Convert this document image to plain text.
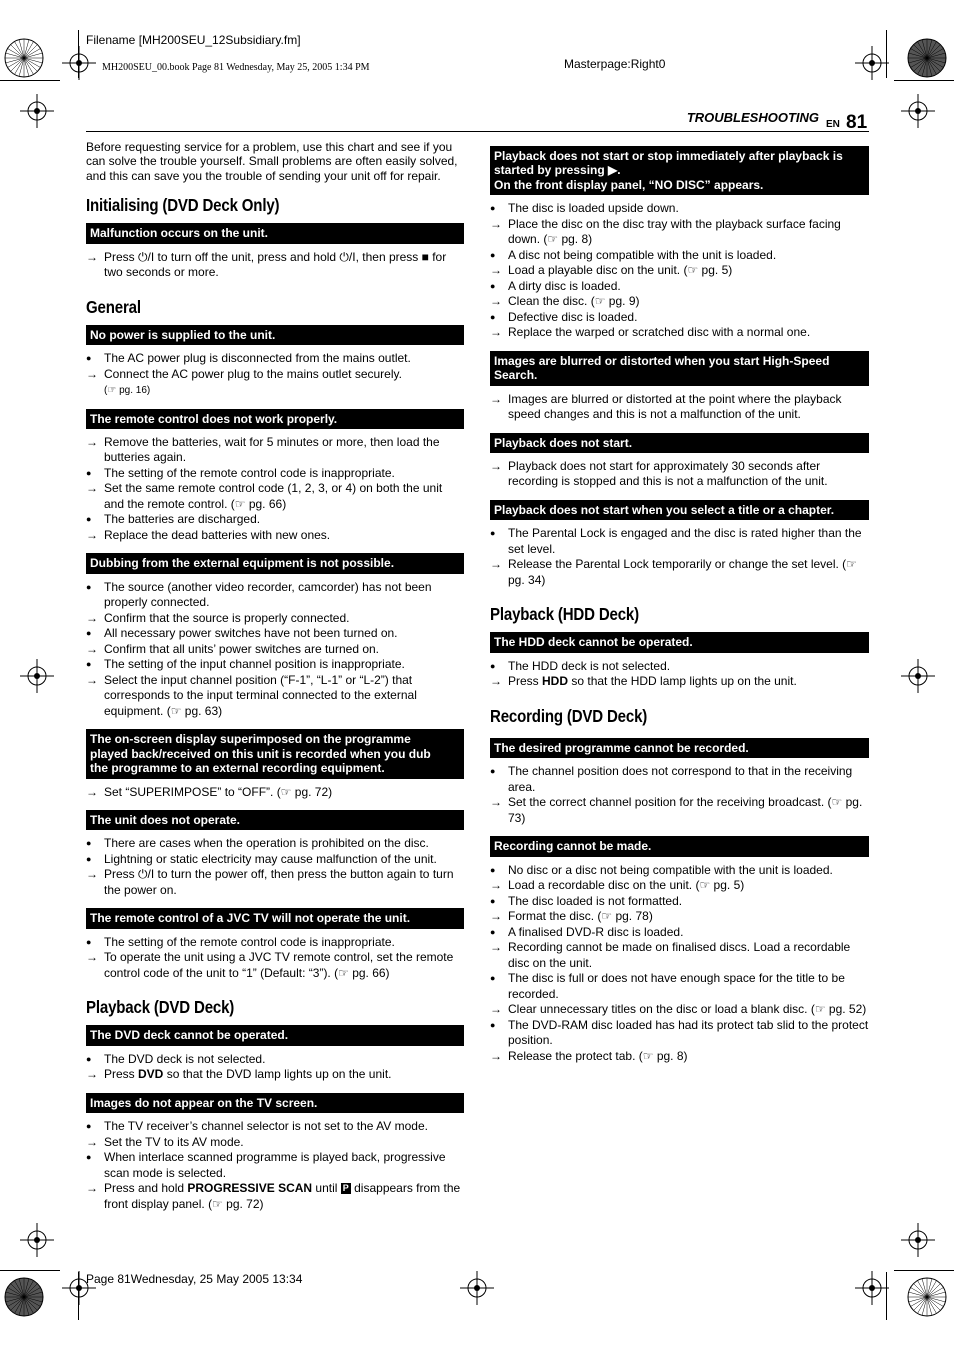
Filename [MH200SEU_12Subsidiary.fm]
MH200SEU_00.book Page 81 Wednesday, May 25, 2005 1:34 PM	Masterpage:Right0
TROUBLESHOOTING EN 81

Before requesting service for a problem, use this chart and see if you can solve the trouble yourself. Small problems are often easily solved, and this can save you the trouble of sending your unit off for repair.

Initialising (DVD Deck Only)
Malfunction occurs on the unit.
→ Press ⏻/I to turn off the unit, press and hold ⏻/I, then press ■ for two seconds or more.
General
No power is supplied to the unit.
●	The AC power plug is disconnected from the mains outlet.
→ Connect the AC power plug to the mains outlet securely.
(☞ pg. 16)
The remote control does not work properly.
→ Remove the batteries, wait for 5 minutes or more, then load the butteries again.
●	The setting of the remote control code is inappropriate.
→ Set the same remote control code (1, 2, 3, or 4) on both the unit and the remote control. (☞ pg. 66)
●	The batteries are discharged.
→ Replace the dead batteries with new ones.
Dubbing from the external equipment is not possible.
●	The source (another video recorder, camcorder) has not been properly connected.
→ Confirm that the source is properly connected.
●	All necessary power switches have not been turned on.
→ Confirm that all units’ power switches are turned on.
●	The setting of the input channel position is inappropriate.
→ Select the input channel position (“F-1”, “L-1” or “L-2”) that corresponds to the input terminal connected to the external equipment. (☞ pg. 63)
The on-screen display superimposed on the programme
played back/received on this unit is recorded when you dub
the programme to an external recording equipment.
→ Set “SUPERIMPOSE” to “OFF”. (☞ pg. 72)
The unit does not operate.
●	There are cases when the operation is prohibited on the disc.
●	Lightning or static electricity may cause malfunction of the unit.
→ Press ⏻/I to turn the power off, then press the button again to turn the power on.
The remote control of a JVC TV will not operate the unit.
●	The setting of the remote control code is inappropriate.
→ To operate the unit using a JVC TV remote control, set the remote control code of the unit to “1” (Default: “3”). (☞ pg. 66)
Playback (DVD Deck)
The DVD deck cannot be operated.
●	The DVD deck is not selected.
→ Press DVD so that the DVD lamp lights up on the unit.
Images do not appear on the TV screen.
●	The TV receiver’s channel selector is not set to the AV mode.
→ Set the TV to its AV mode.
●	When interlace scanned programme is played back, progressive scan mode is selected.
→ Press and hold PROGRESSIVE SCAN until P disappears from the front display panel. (☞ pg. 72)
Playback does not start or stop immediately after playback is
started by pressing ▶.
On the front display panel, “NO DISC” appears.
●	The disc is loaded upside down.
→ Place the disc on the disc tray with the playback surface facing down. (☞ pg. 8)
●	A disc not being compatible with the unit is loaded.
→ Load a playable disc on the unit. (☞ pg. 5)
●	A dirty disc is loaded.
→ Clean the disc. (☞ pg. 9)
●	Defective disc is loaded.
→ Replace the warped or scratched disc with a normal one.
Images are blurred or distorted when you start High-Speed
Search.
→ Images are blurred or distorted at the point where the playback speed changes and this is not a malfunction of the unit.
Playback does not start.
→ Playback does not start for approximately 30 seconds after recording is stopped and this is not a malfunction of the unit.
Playback does not start when you select a title or a chapter.
●	The Parental Lock is engaged and the disc is rated higher than the set level.
→ Release the Parental Lock temporarily or change the set level. (☞ pg. 34)
Playback (HDD Deck)
The HDD deck cannot be operated.
●	The HDD deck is not selected.
→ Press HDD so that the HDD lamp lights up on the unit.
Recording (DVD Deck)
The desired programme cannot be recorded.
●	The channel position does not correspond to that in the receiving area.
→ Set the correct channel position for the receiving broadcast. (☞ pg. 73)
Recording cannot be made.
●	No disc or a disc not being compatible with the unit is loaded.
→ Load a recordable disc on the unit. (☞ pg. 5)
●	The disc loaded is not formatted.
→ Format the disc. (☞ pg. 78)
●	A finalised DVD-R disc is loaded.
→ Recording cannot be made on finalised discs. Load a recordable disc on the unit.
●	The disc is full or does not have enough space for the title to be recorded.
→ Clear unnecessary titles on the disc or load a blank disc. (☞ pg. 52)
●	The DVD-RAM disc loaded has had its protect tab slid to the protect position.
→ Release the protect tab. (☞ pg. 8)
Page 81Wednesday, 25 May 2005 13:34
